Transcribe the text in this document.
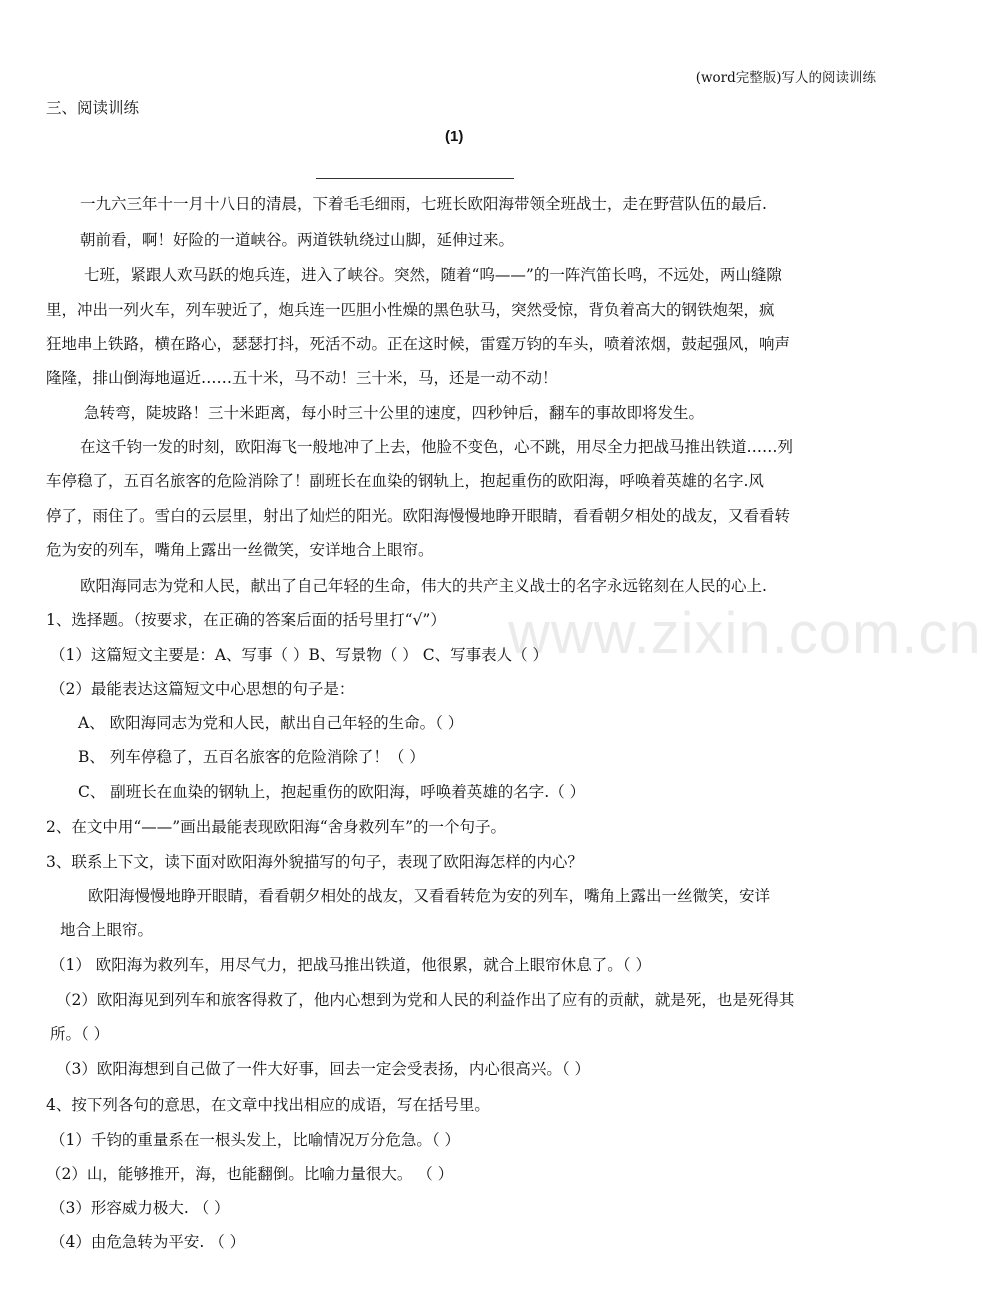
(word完整版)写人的阅读训练
三、阅读训练
(1)
www.zixin.com.cn
一九六三年十一月十八日的清晨，下着毛毛细雨，七班长欧阳海带领全班战士，走在野营队伍的最后.
朝前看，啊！好险的一道峡谷。两道铁轨绕过山脚，延伸过来。
七班，紧跟人欢马跃的炮兵连，进入了峡谷。突然，随着“呜——”的一阵汽笛长鸣，不远处，两山缝隙
里，冲出一列火车，列车驶近了，炮兵连一匹胆小性燥的黑色驮马，突然受惊，背负着高大的钢铁炮架，疯
狂地串上铁路，横在路心，瑟瑟打抖，死活不动。正在这时候，雷霆万钧的车头，喷着浓烟，鼓起强风，响声
隆隆，排山倒海地逼近……五十米，马不动！三十米，马，还是一动不动！
急转弯，陡坡路！三十米距离，每小时三十公里的速度，四秒钟后，翻车的事故即将发生。
在这千钧一发的时刻，欧阳海飞一般地冲了上去，他脸不变色，心不跳，用尽全力把战马推出铁道……列
车停稳了，五百名旅客的危险消除了！副班长在血染的钢轨上，抱起重伤的欧阳海，呼唤着英雄的名字.风
停了，雨住了。雪白的云层里，射出了灿烂的阳光。欧阳海慢慢地睁开眼睛，看看朝夕相处的战友，又看看转
危为安的列车，嘴角上露出一丝微笑，安详地合上眼帘。
欧阳海同志为党和人民，献出了自己年轻的生命，伟大的共产主义战士的名字永远铭刻在人民的心上.
1、选择题。（按要求，在正确的答案后面的括号里打“√”）
（1）这篇短文主要是：A、写事（ ）B、写景物（ ） C、写事表人（ ）
（2）最能表达这篇短文中心思想的句子是：
A、 欧阳海同志为党和人民，献出自己年轻的生命。（ ）
B、 列车停稳了，五百名旅客的危险消除了！（ ）
C、 副班长在血染的钢轨上，抱起重伤的欧阳海，呼唤着英雄的名字.（ ）
2、在文中用“——”画出最能表现欧阳海“舍身救列车”的一个句子。
3、联系上下文，读下面对欧阳海外貌描写的句子，表现了欧阳海怎样的内心？
欧阳海慢慢地睁开眼睛，看看朝夕相处的战友，又看看转危为安的列车，嘴角上露出一丝微笑，安详
地合上眼帘。
（1） 欧阳海为救列车，用尽气力，把战马推出铁道，他很累，就合上眼帘休息了。（ ）
（2）欧阳海见到列车和旅客得救了，他内心想到为党和人民的利益作出了应有的贡献，就是死，也是死得其
所。（ ）
（3）欧阳海想到自己做了一件大好事，回去一定会受表扬，内心很高兴。（ ）
4、按下列各句的意思，在文章中找出相应的成语，写在括号里。
（1）千钧的重量系在一根头发上，比喻情况万分危急。（ ）
（2）山，能够推开，海，也能翻倒。比喻力量很大。 （ ）
（3）形容威力极大. （ ）
（4）由危急转为平安. （ ）
